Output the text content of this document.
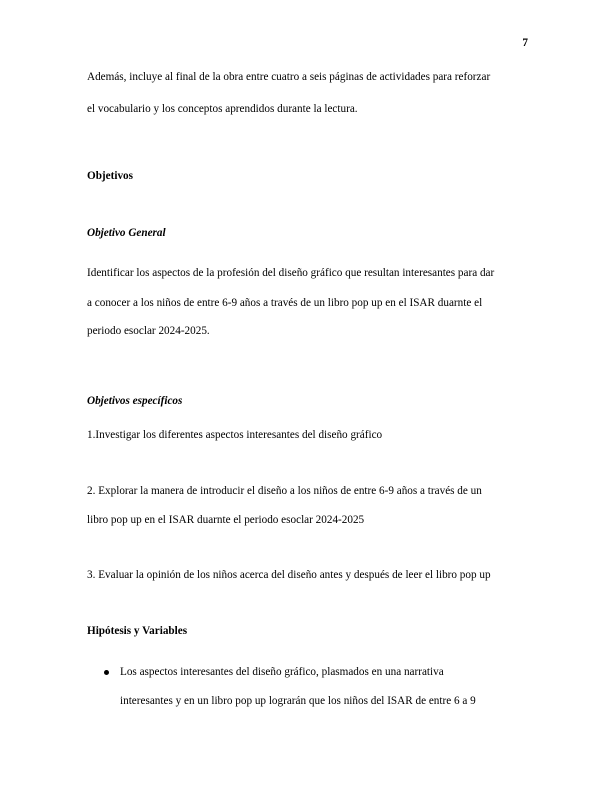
7
Además, incluye al final de la obra entre cuatro a seis páginas de actividades para reforzar
el vocabulario y los conceptos aprendidos durante la lectura.
Objetivos
Objetivo General
Identificar los aspectos de la profesión del diseño gráfico que resultan interesantes para dar
a conocer a los niños de entre 6-9 años a través de un libro pop up en el ISAR duarnte el
periodo esoclar 2024-2025.
Objetivos específicos
1.Investigar los diferentes aspectos interesantes del diseño gráfico
2. Explorar la manera de introducir el diseño a los niños de entre 6-9 años a través de un
libro pop up en el ISAR duarnte el periodo esoclar 2024-2025
3. Evaluar la opinión de los niños acerca del diseño antes y después de leer el libro pop up
Hipótesis y Variables
Los aspectos interesantes del diseño gráfico, plasmados en una narrativa
interesantes y en un libro pop up lograrán que los niños del ISAR de entre 6 a 9
